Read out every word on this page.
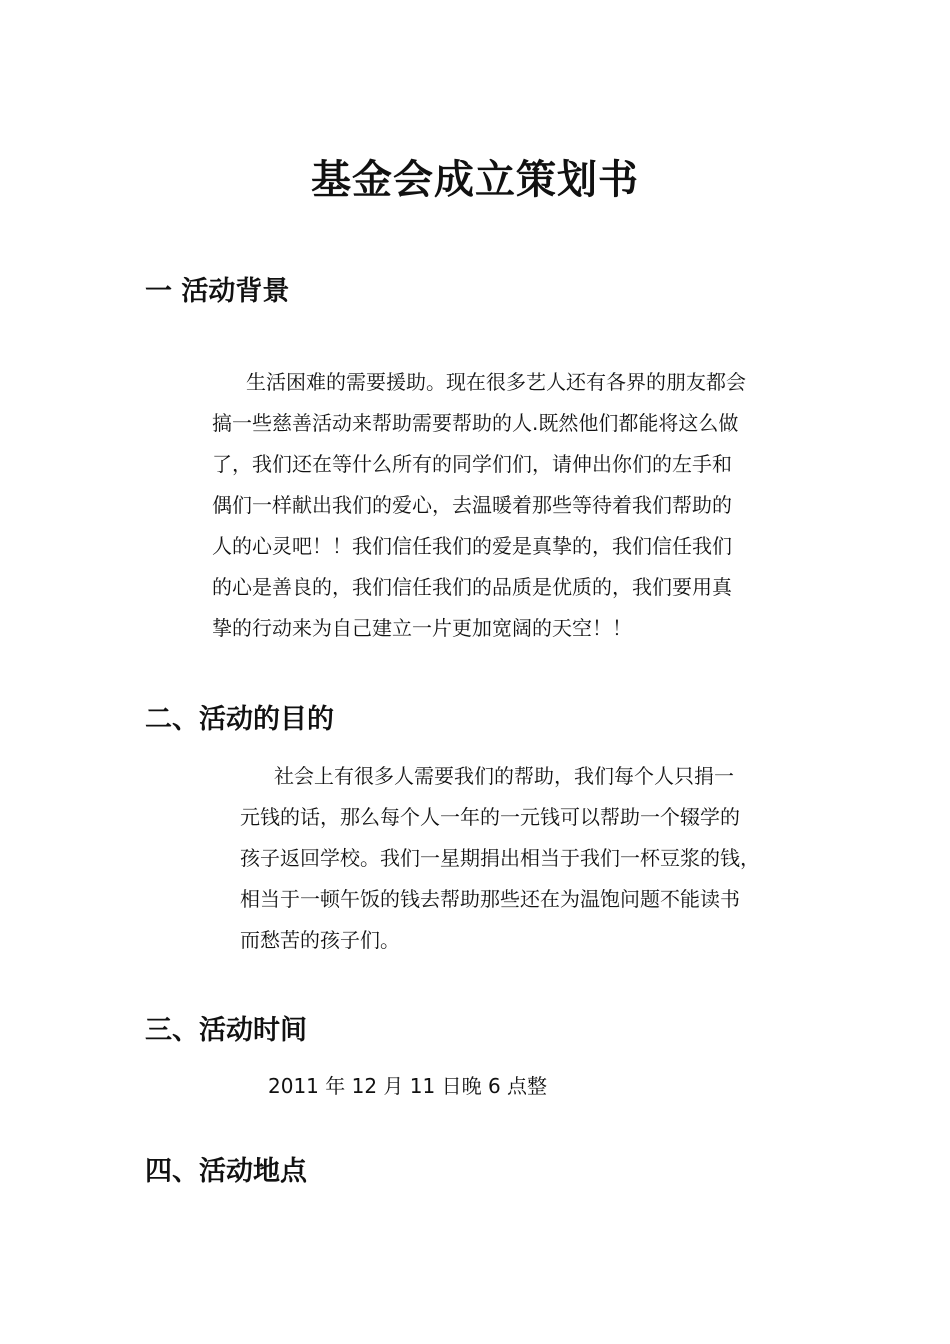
基金会成立策划书
一 活动背景
生活困难的需要援助。现在很多艺人还有各界的朋友都会
搞一些慈善活动来帮助需要帮助的人.既然他们都能将这么做
了，我们还在等什么所有的同学们们，请伸出你们的左手和
偶们一样献出我们的爱心，去温暖着那些等待着我们帮助的
人的心灵吧！！我们信任我们的爱是真挚的，我们信任我们
的心是善良的，我们信任我们的品质是优质的，我们要用真
挚的行动来为自己建立一片更加宽阔的天空！！
二、活动的目的
社会上有很多人需要我们的帮助，我们每个人只捐一
元钱的话，那么每个人一年的一元钱可以帮助一个辍学的
孩子返回学校。我们一星期捐出相当于我们一杯豆浆的钱，
相当于一顿午饭的钱去帮助那些还在为温饱问题不能读书
而愁苦的孩子们。
三、活动时间
2011 年 12 月 11 日晚 6 点整
四、活动地点
